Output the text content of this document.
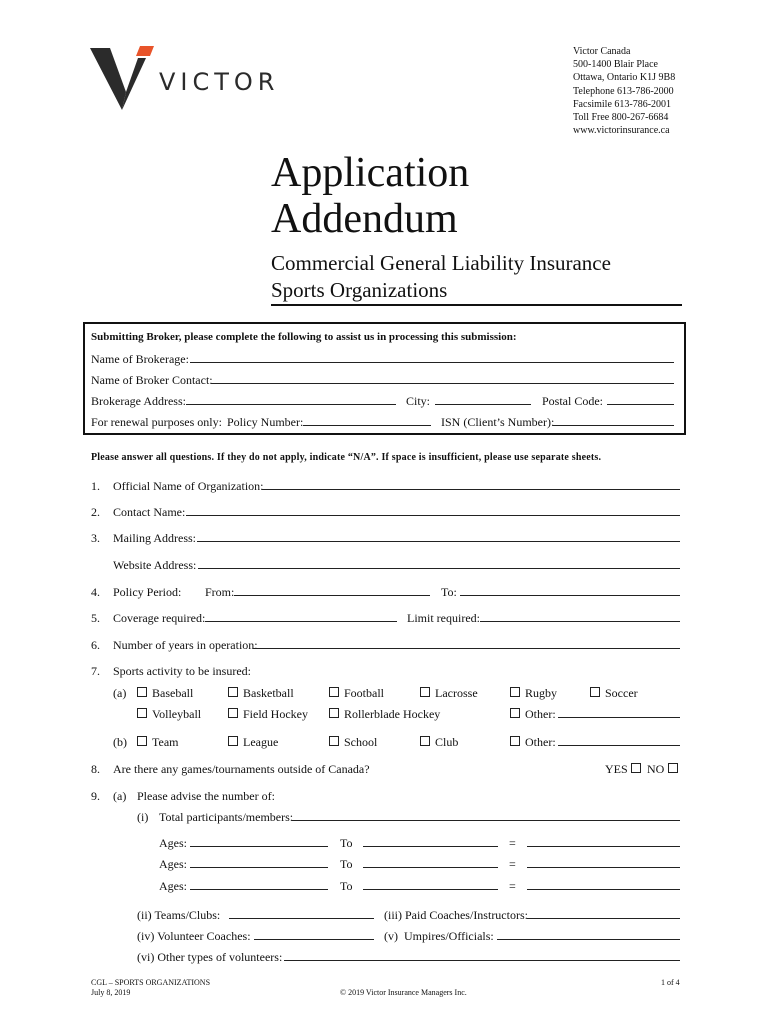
VICTOR
Victor Canada
500-1400 Blair Place
Ottawa, Ontario K1J 9B8
Telephone 613-786-2000
Facsimile 613-786-2001
Toll Free 800-267-6684
www.victorinsurance.ca
Application
Addendum
Commercial General Liability Insurance
Sports Organizations
Submitting Broker, please complete the following to assist us in processing this submission:
Name of Brokerage:
Name of Broker Contact:
Brokerage Address:	City:	Postal Code:
For renewal purposes only: Policy Number:	ISN (Client’s Number):
Please answer all questions. If they do not apply, indicate “N/A”. If space is insufficient, please use separate sheets.
1. Official Name of Organization:
2. Contact Name:
3. Mailing Address:
Website Address:
4. Policy Period: From:	To:
5. Coverage required:	Limit required:
6. Number of years in operation:
7. Sports activity to be insured:
(a) Baseball	Basketball	Football	Lacrosse	Rugby	Soccer
Volleyball	Field Hockey	Rollerblade Hockey	Other:
(b) Team	League	School	Club	Other:
8. Are there any games/tournaments outside of Canada?	YES NO
9. (a) Please advise the number of:
(i) Total participants/members:
Ages:	To	=
Ages:	To	=
Ages:	To	=
(ii) Teams/Clubs:	(iii) Paid Coaches/Instructors:
(iv) Volunteer Coaches:	(v)  Umpires/Officials:
(vi) Other types of volunteers:
CGL – SPORTS ORGANIZATIONS
July 8, 2019	© 2019 Victor Insurance Managers Inc.
1 of 4
